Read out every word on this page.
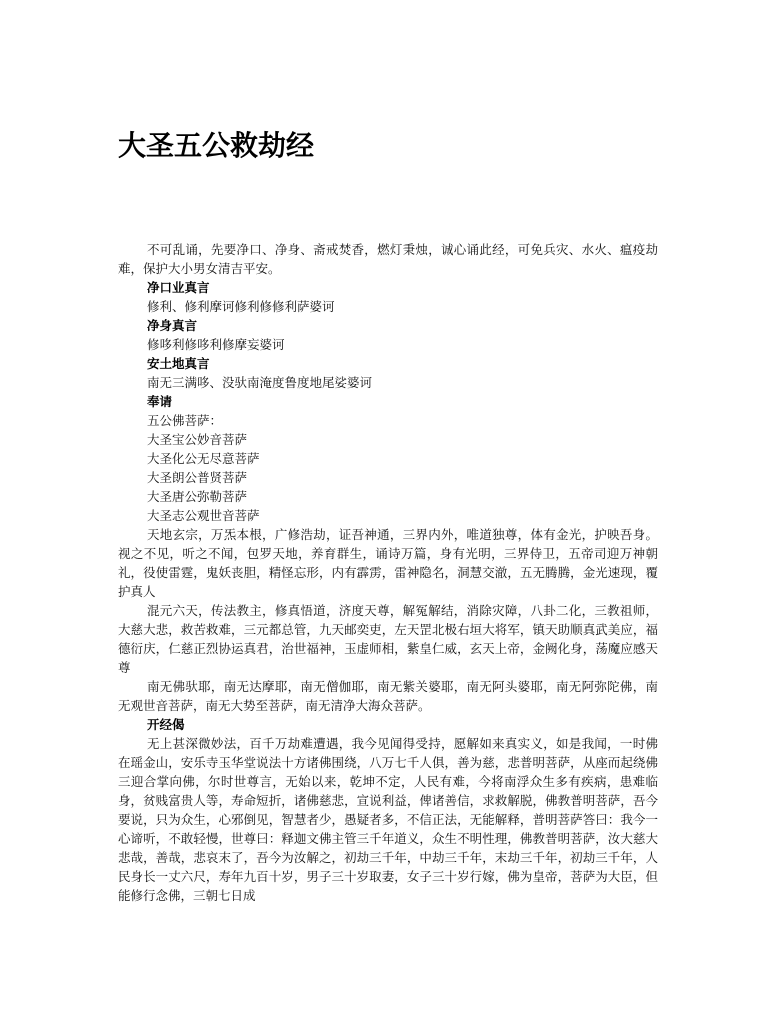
大圣五公救劫经

不可乱诵，先要净口、净身、斋戒焚香，燃灯秉烛，诚心诵此经，可免兵灾、水火、瘟疫劫难，保护大小男女清吉平安。

净口业真言

修利、修利摩诃修利修修利萨婆诃

净身真言

修哆利修哆利修摩妄婆诃

安土地真言

南无三满哆、没驮南淹度鲁度地尾娑婆诃

奉请

五公佛菩萨：

大圣宝公妙音菩萨

大圣化公无尽意菩萨

大圣朗公普贤菩萨

大圣唐公弥勒菩萨

大圣志公观世音菩萨

天地玄宗，万炁本根，广修浩劫，证吾神通，三界内外，唯道独尊，体有金光，护映吾身。视之不见，听之不闻，包罗天地，养育群生，诵诗万篇，身有光明，三界侍卫，五帝司迎万神朝礼，役使雷霆，鬼妖丧胆，精怪忘形，内有霹雳，雷神隐名，洞慧交澈，五无腾腾，金光速现，覆护真人

混元六天，传法教主，修真悟道，济度天尊，解冤解结，消除灾障，八卦二化，三教祖师，大慈大悲，救苦救难，三元都总管，九天邮奕吏，左天罡北极右垣大将军，镇天助顺真武美应，福德衍庆，仁慈正烈协运真君，治世福神，玉虚师相，紫皇仁威，玄天上帝，金阙化身，荡魔应感天尊

南无佛驮耶，南无达摩耶，南无僧伽耶，南无紫关婆耶，南无阿头婆耶，南无阿弥陀佛，南无观世音菩萨，南无大势至菩萨，南无清净大海众菩萨。

开经偈

无上甚深微妙法，百千万劫难遭遇，我今见闻得受持，愿解如来真实义，如是我闻，一时佛在瑶金山，安乐寺玉华堂说法十方诸佛围绕，八万七千人俱，善为慈，悲普明菩萨，从座而起绕佛三迎合掌向佛，尔时世尊言，无始以来，乾坤不定，人民有难，今将南浮众生多有疾病，患难临身，贫贱富贵人等，寿命短折，诸佛慈悲，宣说利益，俾诸善信，求救解脱，佛教普明菩萨，吾今要说，只为众生，心邪倒见，智慧者少，愚疑者多，不信正法，无能解释，普明菩萨答曰：我今一心谛听，不敢轻慢，世尊曰：释迦文佛主管三千年道义，众生不明性理，佛教普明菩萨，汝大慈大悲哉，善哉，悲哀末了，吾今为汝解之，初劫三千年，中劫三千年，末劫三千年，初劫三千年，人民身长一丈六尺，寿年九百十岁，男子三十岁取妻，女子三十岁行嫁，佛为皇帝，菩萨为大臣，但能修行念佛，三朝七日成
